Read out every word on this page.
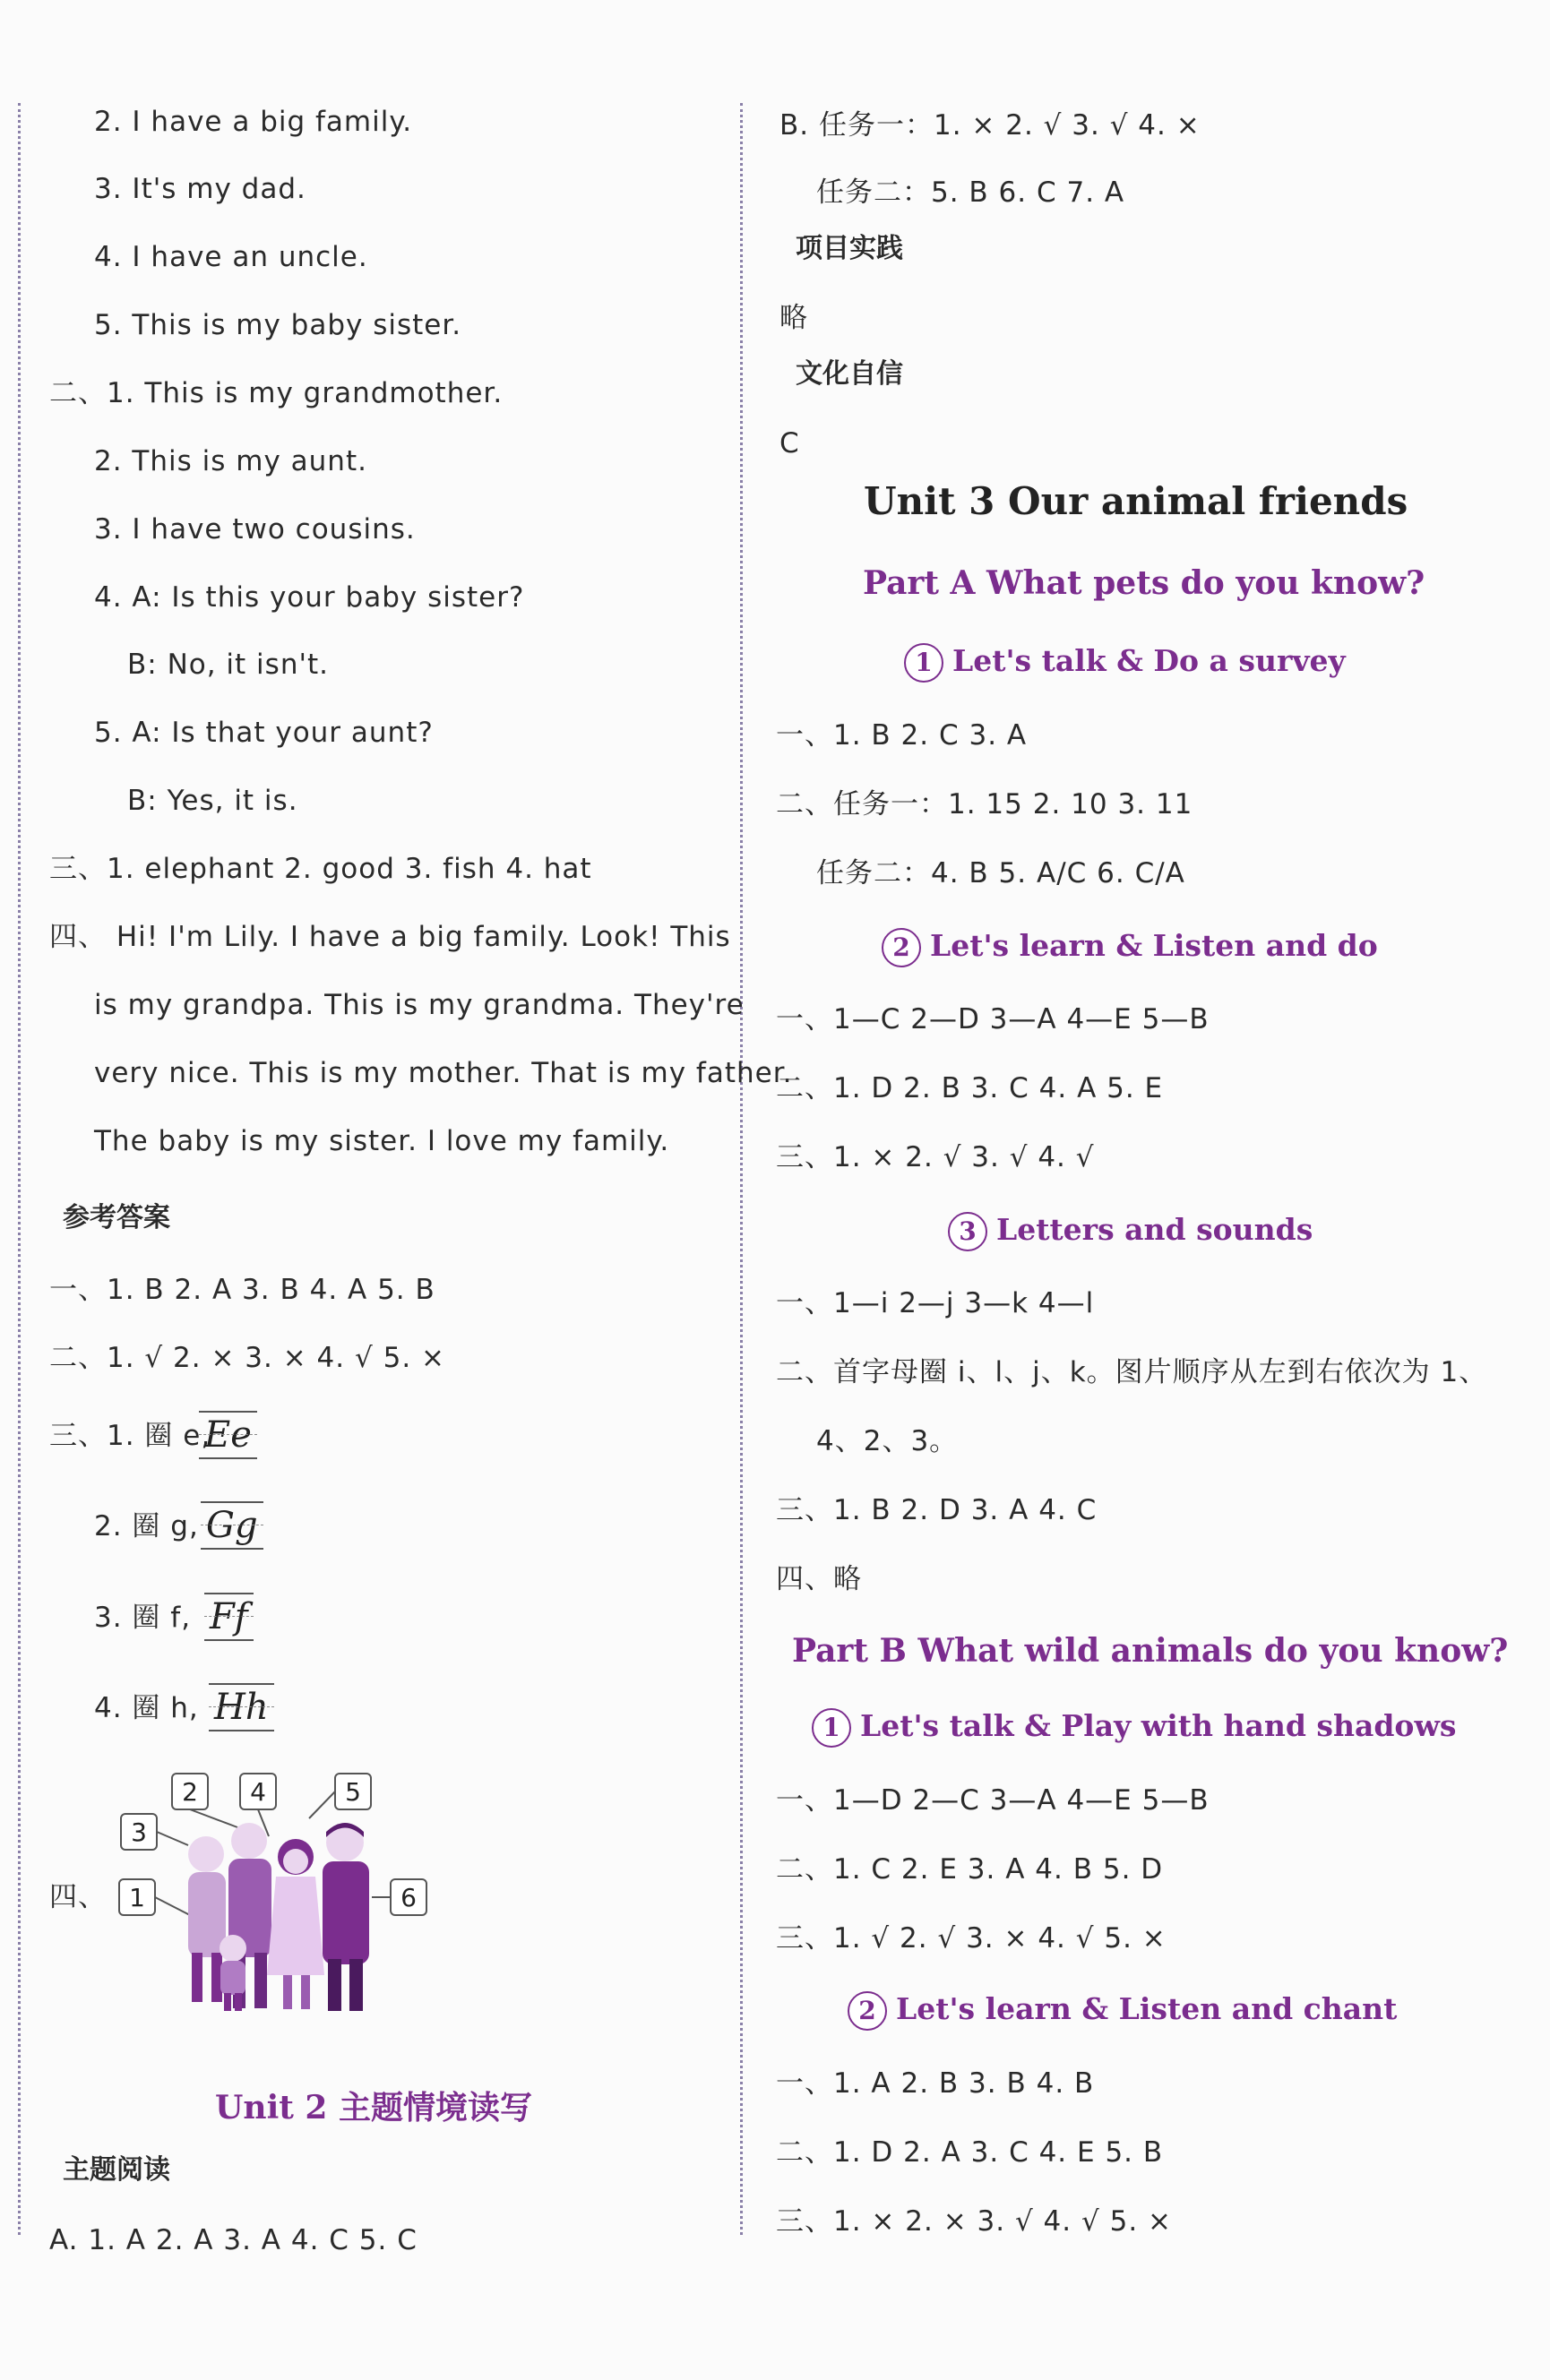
2. I have a big family.
3. It's my dad.
4. I have an uncle.
5. This is my baby sister.
二、1. This is my grandmother.
2. This is my aunt.
3. I have two cousins.
4. A: Is this your baby sister?
B: No, it isn't.
5. A: Is that your aunt?
B: Yes, it is.
三、1. elephant 2. good 3. fish 4. hat
四、 Hi! I'm Lily. I have a big family. Look! This
is my grandpa. This is my grandma. They're
very nice. This is my mother. That is my father.
The baby is my sister. I love my family.
参考答案
一、1. B 2. A 3. B 4. A 5. B
二、1. √ 2. × 3. × 4. √ 5. ×
三、1. 圈 e,
Ee
2. 圈 g, Gg
3. 圈 f, Ff
4. 圈 h, Hh
四、
3
2 4	5
1	6
Unit 2 主题情境读写
主题阅读
A. 1. A 2. A 3. A 4. C 5. C
B. 任务一：1. × 2. √ 3. √ 4. ×
任务二：5. B 6. C 7. A
项目实践
略
文化自信
C
Unit 3 Our animal friends
Part A What pets do you know?
1 Let's talk & Do a survey
一、1. B 2. C 3. A
二、任务一：1. 15 2. 10 3. 11
任务二：4. B 5. A/C 6. C/A
2 Let's learn & Listen and do
一、1—C 2—D 3—A 4—E 5—B
二、1. D 2. B 3. C 4. A 5. E
三、1. × 2. √ 3. √ 4. √
3 Letters and sounds
一、1—i 2—j 3—k 4—l
二、首字母圈 i、l、j、k。图片顺序从左到右依次为 1、
4、2、3。
三、1. B 2. D 3. A 4. C
四、略
Part B What wild animals do you know?
1 Let's talk & Play with hand shadows
一、1—D 2—C 3—A 4—E 5—B
二、1. C 2. E 3. A 4. B 5. D
三、1. √ 2. √ 3. × 4. √ 5. ×
2 Let's learn & Listen and chant
一、1. A 2. B 3. B 4. B
二、1. D 2. A 3. C 4. E 5. B
三、1. × 2. × 3. √ 4. √ 5. ×
